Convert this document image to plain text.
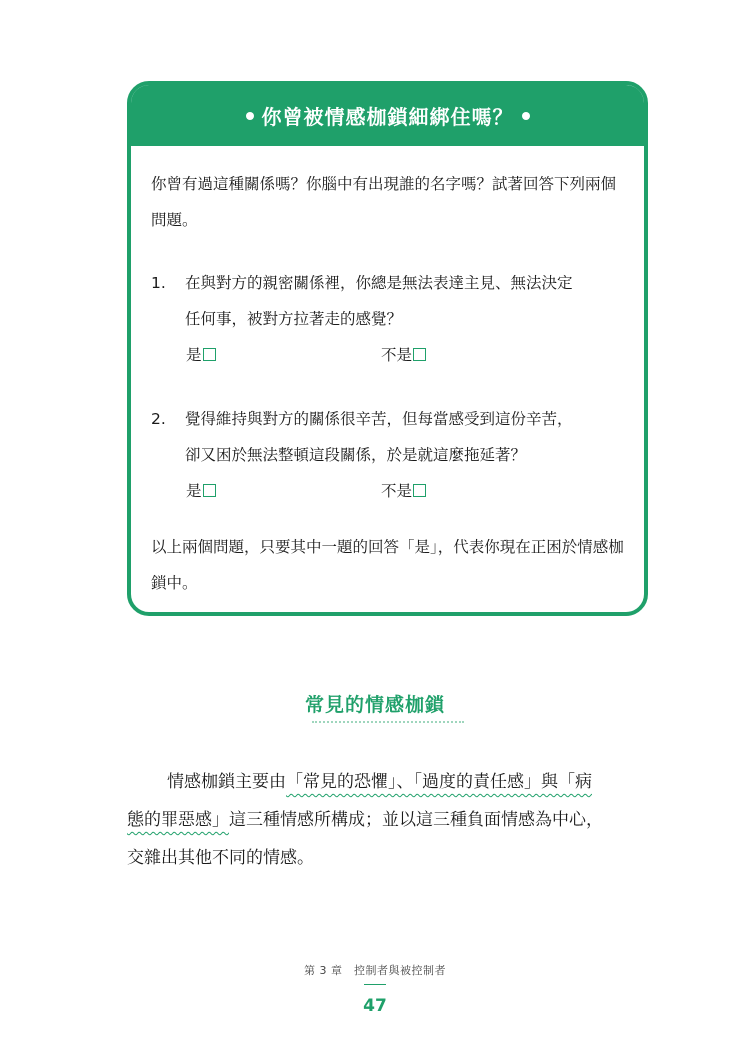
你曾被情感枷鎖細綁住嗎？

你曾有過這種關係嗎？你腦中有出現誰的名字嗎？試著回答下列兩個問題。

1.	在與對方的親密關係裡，你總是無法表達主見、無法決定
任何事，被對方拉著走的感覺？
是	不是
2.	覺得維持與對方的關係很辛苦，但每當感受到這份辛苦，
卻又困於無法整頓這段關係，於是就這麼拖延著？
是	不是

以上兩個問題，只要其中一題的回答「是」，代表你現在正困於情感枷鎖中。

常見的情感枷鎖
情感枷鎖主要由「常見的恐懼」、「過度的責任感」與「病
態的罪惡感」這三種情感所構成；並以這三種負面情感為中心，
交雜出其他不同的情感。
第 3 章　控制者與被控制者
47
